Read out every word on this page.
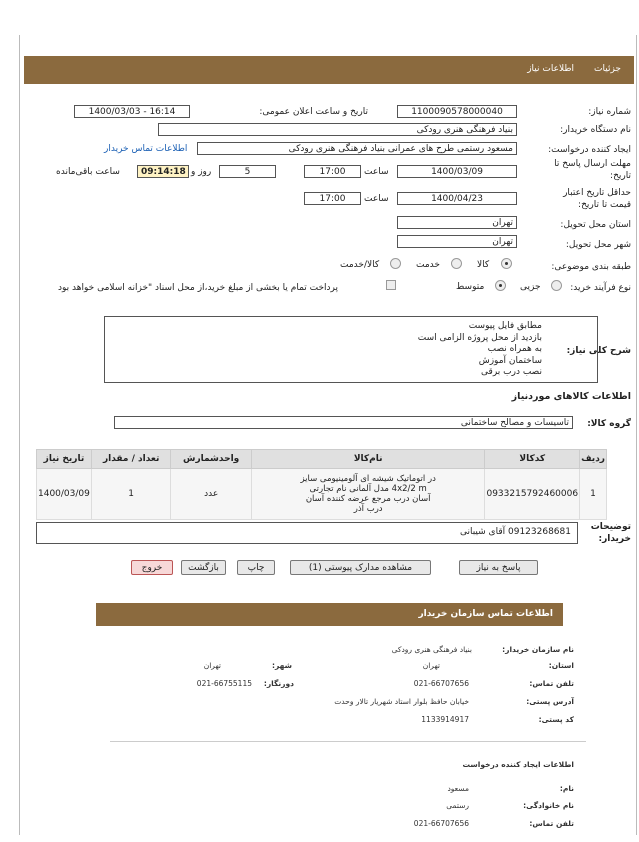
جزئیات
اطلاعات نیاز
شماره نیاز:
1100090578000040
تاریخ و ساعت اعلان عمومی:
1400/03/03 - 16:14
نام دستگاه خریدار:
بنیاد فرهنگی هنری رودکی
ایجاد کننده درخواست:
مسعود رستمی طرح های عمرانی بنیاد فرهنگی هنری رودکی
اطلاعات تماس خریدار
مهلت ارسال پاسخ تا
تاریخ:
1400/03/09
ساعت
17:00
5
روز و
09:14:18
ساعت باقی‌مانده
حداقل تاریخ اعتبار
قیمت تا تاریخ:
1400/04/23
ساعت
17:00
استان محل تحویل:
تهران
شهر محل تحویل:
تهران
طبقه بندی موضوعی:
کالا
خدمت
کالا/خدمت
نوع فرآیند خرید:
جزیی
متوسط
پرداخت تمام یا بخشی از مبلغ خرید،از محل اسناد "خزانه اسلامی خواهد بود
شرح کلی نیاز:
مطابق فایل پیوست
بازدید از محل پروژه الزامی است
به همراه نصب
ساختمان آموزش
نصب درب برقی
اطلاعات کالاهای موردنیاز
گروه کالا:
تاسیسات و مصالح ساختمانی
ردیف	کدکالا	نام‌کالا	واحدشمارش	تعداد / مقدار	تاریخ نیاز
1	0933215792460006	در اتوماتیک شیشه ای آلومینیومی سایز
4x2/2 m مدل آلمانی نام تجارتی
آسان درب مرجع عرضه کننده آسان
درب آذر	عدد	1	1400/03/09
توضیحات
خریدار:
09123268681 آقای شیبانی
پاسخ به نیاز
مشاهده مدارک پیوستی (1)
چاپ
بازگشت
خروج
اطلاعات تماس سازمان خریدار
نام سازمان خریدار:
بنیاد فرهنگی هنری رودکی
استان:
تهران
شهر:
تهران
تلفن تماس:
021-66707656
دورنگار:
021-66755115
آدرس پستی:
خیابان حافظ بلوار استاد شهریار تالار وحدت
کد پستی:
1133914917
اطلاعات ایجاد کننده درخواست
نام:
مسعود
نام خانوادگی:
رستمی
تلفن تماس:
021-66707656
